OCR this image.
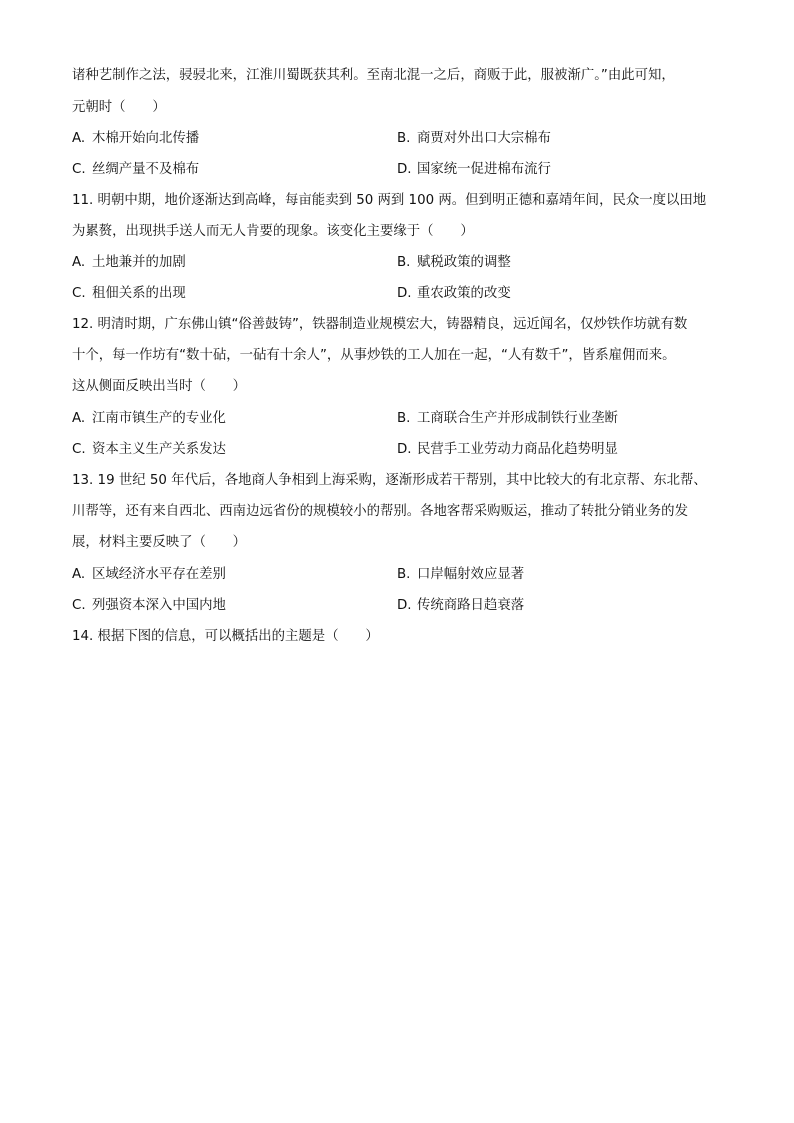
诸种艺制作之法，骎骎北来，江淮川蜀既获其利。至南北混一之后，商贩于此，服被渐广。”由此可知，
元朝时（　　）
A. 木棉开始向北传播	B. 商贾对外出口大宗棉布
C. 丝绸产量不及棉布	D. 国家统一促进棉布流行
11. 明朝中期，地价逐渐达到高峰，每亩能卖到 50 两到 100 两。但到明正德和嘉靖年间，民众一度以田地
为累赘，出现拱手送人而无人肯要的现象。该变化主要缘于（　　）
A. 土地兼并的加剧	B. 赋税政策的调整
C. 租佃关系的出现	D. 重农政策的改变
12. 明清时期，广东佛山镇“俗善鼓铸”，铁器制造业规模宏大，铸器精良，远近闻名，仅炒铁作坊就有数
十个，每一作坊有“数十砧，一砧有十余人”，从事炒铁的工人加在一起，“人有数千”，皆系雇佣而来。
这从侧面反映出当时（　　）
A. 江南市镇生产的专业化	B. 工商联合生产并形成制铁行业垄断
C. 资本主义生产关系发达	D. 民营手工业劳动力商品化趋势明显
13. 19 世纪 50 年代后，各地商人争相到上海采购，逐渐形成若干帮别，其中比较大的有北京帮、东北帮、
川帮等，还有来自西北、西南边远省份的规模较小的帮别。各地客帮采购贩运，推动了转批分销业务的发
展，材料主要反映了（　　）
A. 区域经济水平存在差别	B. 口岸幅射效应显著
C. 列强资本深入中国内地	D. 传统商路日趋衰落
14. 根据下图的信息，可以概括出的主题是（　　）
